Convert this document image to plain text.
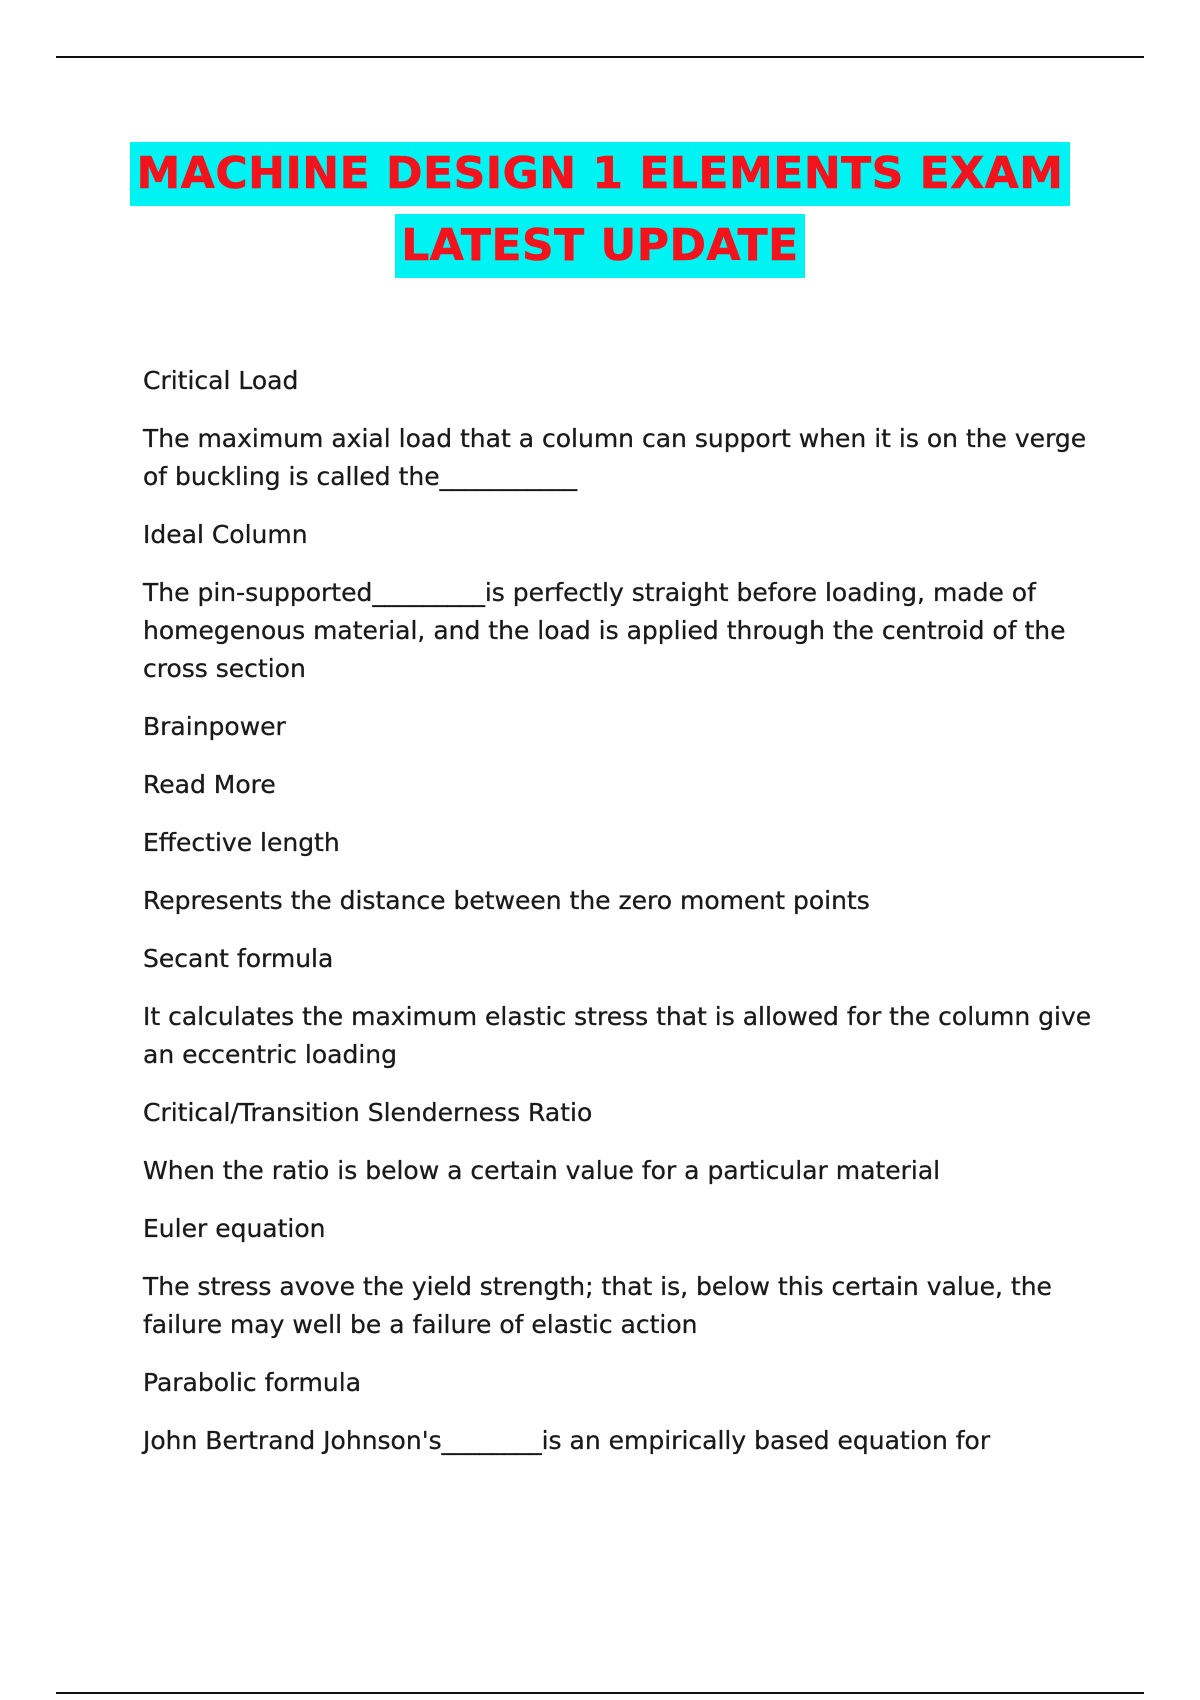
MACHINE DESIGN 1 ELEMENTS EXAM
LATEST UPDATE

Critical Load

The maximum axial load that a column can support when it is on the verge of buckling is called the___________

Ideal Column

The pin-supported_________is perfectly straight before loading, made of homegenous material, and the load is applied through the centroid of the cross section

Brainpower

Read More

Effective length

Represents the distance between the zero moment points

Secant formula

It calculates the maximum elastic stress that is allowed for the column give an eccentric loading

Critical/Transition Slenderness Ratio

When the ratio is below a certain value for a particular material

Euler equation

The stress avove the yield strength; that is, below this certain value, the failure may well be a failure of elastic action

Parabolic formula

John Bertrand Johnson's________is an empirically based equation for
